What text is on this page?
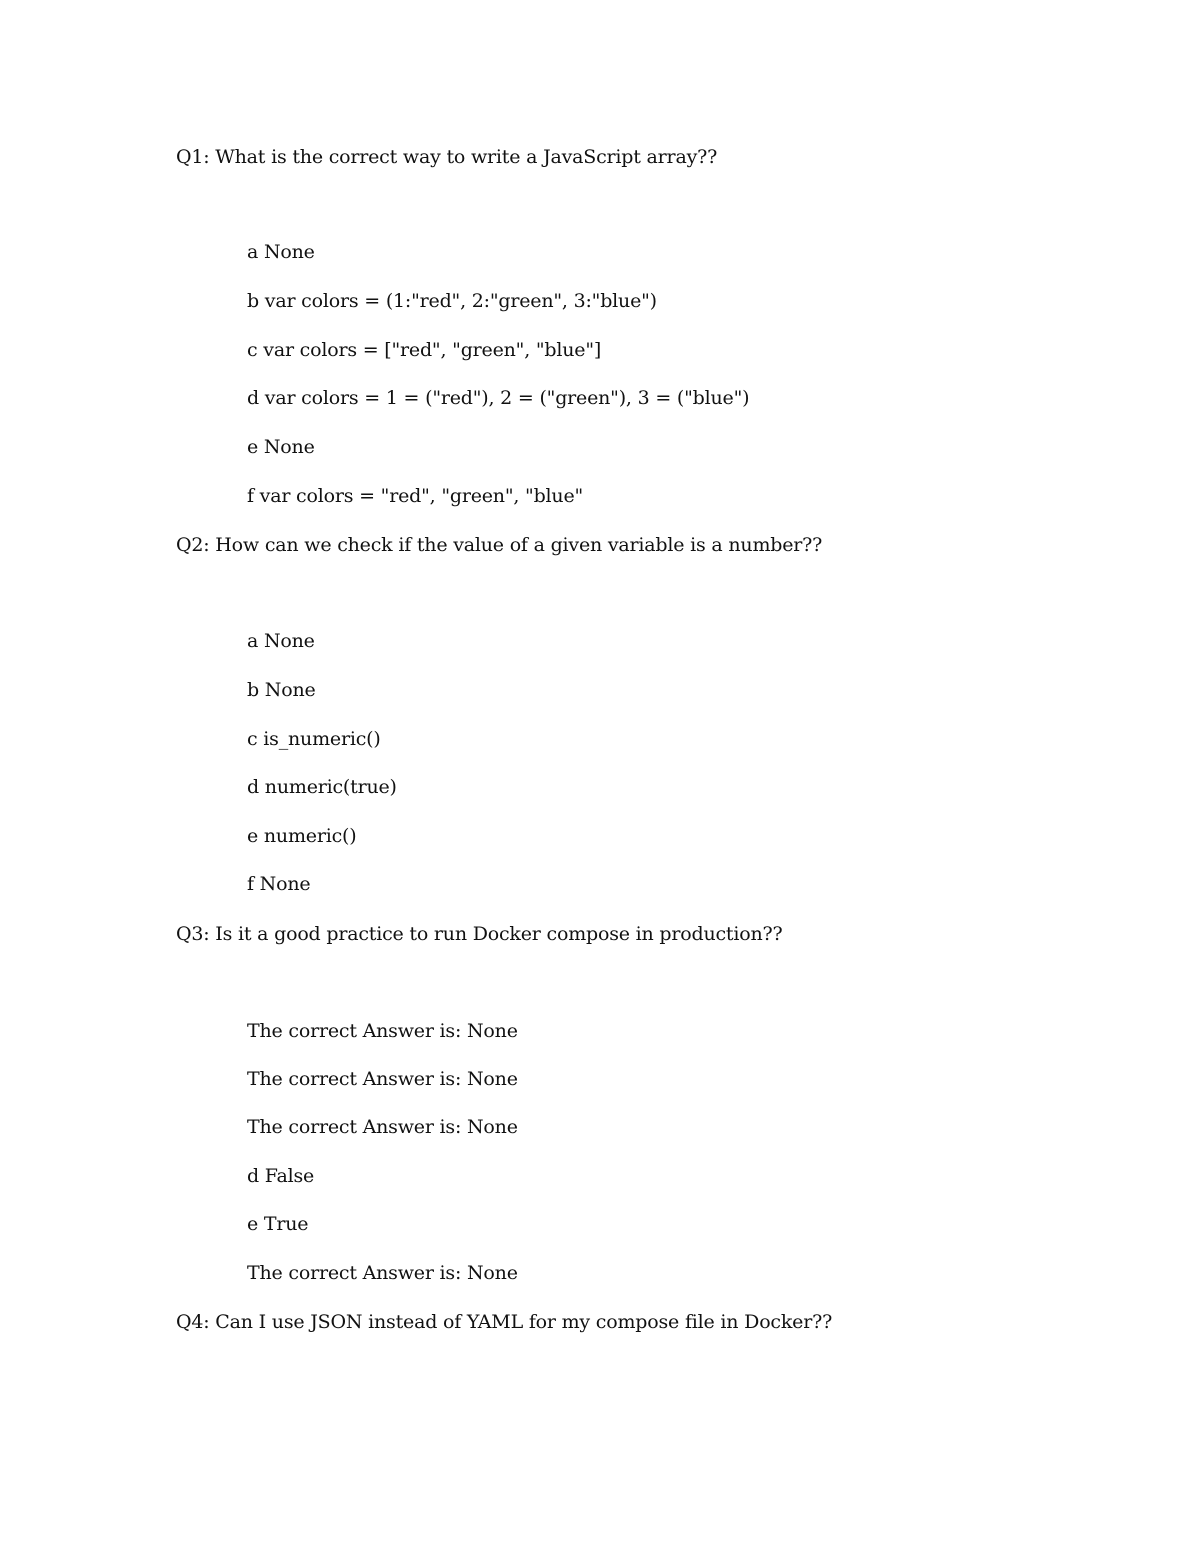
Q1: What is the correct way to write a JavaScript array??
a None
b var colors = (1:"red", 2:"green", 3:"blue")
c var colors = ["red", "green", "blue"]
d var colors = 1 = ("red"), 2 = ("green"), 3 = ("blue")
e None
f var colors = "red", "green", "blue"
Q2: How can we check if the value of a given variable is a number??
a None
b None
c is_numeric()
d numeric(true)
e numeric()
f None
Q3: Is it a good practice to run Docker compose in production??
The correct Answer is: None
The correct Answer is: None
The correct Answer is: None
d False
e True
The correct Answer is: None
Q4: Can I use JSON instead of YAML for my compose file in Docker??
